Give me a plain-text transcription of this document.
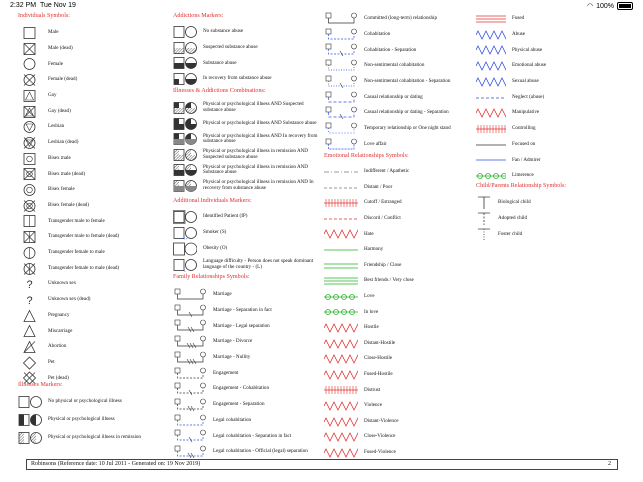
2:32 PM Tue Nov 19	◠ 100%
Individuals Symbols:
Male
Male (dead)
Female
Female (dead)
Gay
Gay (dead)
Lesbian
Lesbian (dead)
Bisex male
Bisex male (dead)
Bisex female
Bisex female (dead)
Transgender male to female
Transgender male to female (dead)
Transgender female to male
Transgender female to male (dead)
?	Unknown sex
?	Unknown sex (dead)
Pregnancy
Miscarriage
Abortion
Pet
Pet (dead)
Illnesses Markers:
No physical or psychological illness
Physical or psychological illness
Physical or psychological illness in remission
Addictions Markers:
No substance abuse
Suspected substance abuse
Substance abuse
In recovery from substance abuse
Illnesses & Addictions Combinations:
Physical or psychological illness AND Suspected substance abuse
Physical or psychological illness AND Substance abuse
Physical or psychological illness AND In recovery from substance abuse
Physical or psychological illness in remission AND Suspected substance abuse
Physical or psychological illness in remission AND Substance abuse
Physical or psychological illness in remission AND In recovery from substance abuse
Additional Individuals Markers:
Identified Patient (IP)
Smoker (S)
Obesity (O)
L
Language difficulty - Person does not speak dominant language of the country - (L)
Family Relationships Symbols:
Marriage
Marriage - Separation in fact
Marriage - Legal separation
Marriage - Divorce
Marriage - Nullity
Engagement
Engagement - Cohabitation
Engagement - Separation
Legal cohabitation
Legal cohabitation - Separation in fact
Legal cohabitation - Official (legal) separation
Committed (long-term) relationship
Cohabitation
Cohabitation - Separation
Non-sentimental cohabitation
Non-sentimental cohabitation - Separation
Casual relationship or dating
Casual relationship or dating - Separation
Temporary relationship or One night stand
Love affair
Emotional Relationships Symbols:
Indifferent / Apathetic
Distant / Poor
Cutoff / Estranged
Discord / Conflict
Hate
Harmony
Friendship / Close
Best friends / Very close
Love
In love
Hostile
Distant-Hostile
Close-Hostile
Fused-Hostile
Distrust
Violence
Distant-Violence
Close-Violence
Fused-Violence
Fused
Abuse
Physical abuse
Emotional abuse
Sexual abuse
Neglect (abuse)
Manipulative
Controlling
Focused on
Fan / Admirer
Limerence
Child/Parents Relationship Symbols:
Biological child
Adopted child
Foster child
Robinsons (Reference date: 10 Jul 2011 - Generated on: 19 Nov 2019)	2
